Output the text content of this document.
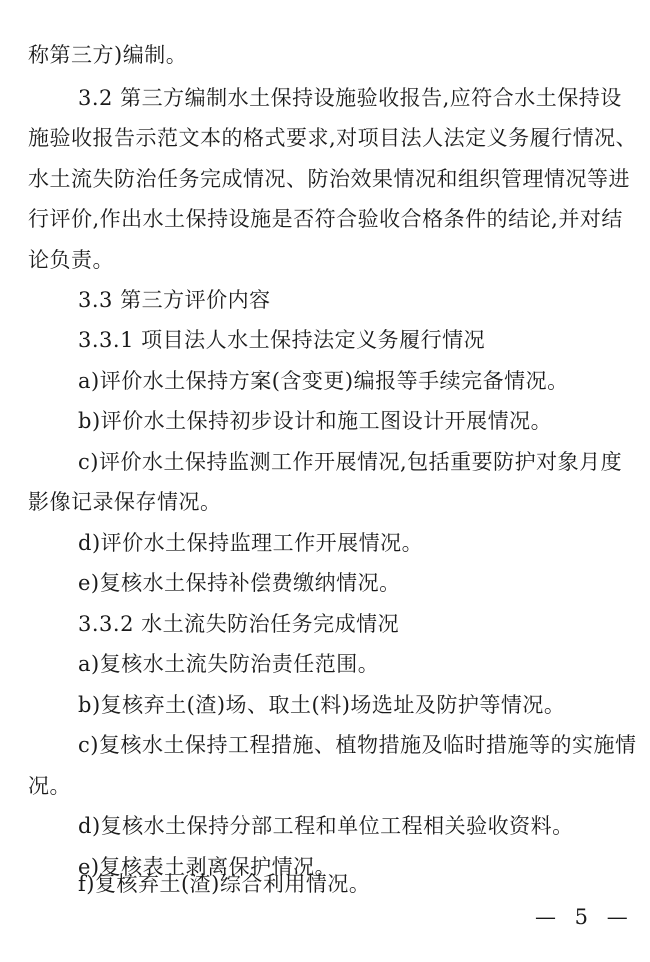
称第三方)编制。
3.2 第三方编制水土保持设施验收报告,应符合水土保持设
施验收报告示范文本的格式要求,对项目法人法定义务履行情况、
水土流失防治任务完成情况、防治效果情况和组织管理情况等进
行评价,作出水土保持设施是否符合验收合格条件的结论,并对结
论负责。
3.3 第三方评价内容
3.3.1 项目法人水土保持法定义务履行情况
a)评价水土保持方案(含变更)编报等手续完备情况。
b)评价水土保持初步设计和施工图设计开展情况。
c)评价水土保持监测工作开展情况,包括重要防护对象月度
影像记录保存情况。
d)评价水土保持监理工作开展情况。
e)复核水土保持补偿费缴纳情况。
3.3.2 水土流失防治任务完成情况
a)复核水土流失防治责任范围。
b)复核弃土(渣)场、取土(料)场选址及防护等情况。
c)复核水土保持工程措施、植物措施及临时措施等的实施情
况。
d)复核水土保持分部工程和单位工程相关验收资料。
e)复核表土剥离保护情况。
f)复核弃土(渣)综合利用情况。
— 5 —
